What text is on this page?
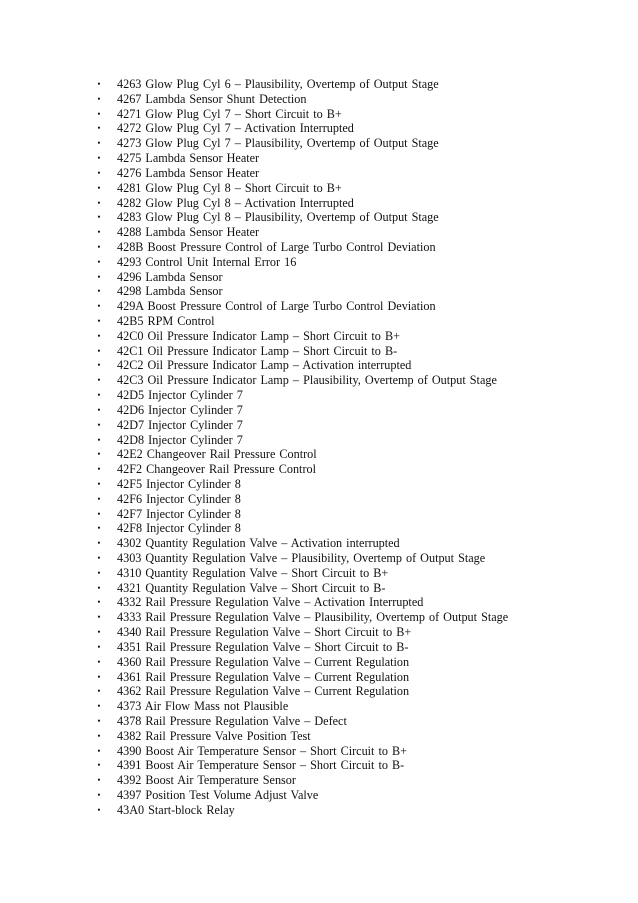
• 4263 Glow Plug Cyl 6 – Plausibility, Overtemp of Output Stage
• 4267 Lambda Sensor Shunt Detection
• 4271 Glow Plug Cyl 7 – Short Circuit to B+
• 4272 Glow Plug Cyl 7 – Activation Interrupted
• 4273 Glow Plug Cyl 7 – Plausibility, Overtemp of Output Stage
• 4275 Lambda Sensor Heater
• 4276 Lambda Sensor Heater
• 4281 Glow Plug Cyl 8 – Short Circuit to B+
• 4282 Glow Plug Cyl 8 – Activation Interrupted
• 4283 Glow Plug Cyl 8 – Plausibility, Overtemp of Output Stage
• 4288 Lambda Sensor Heater
• 428B Boost Pressure Control of Large Turbo Control Deviation
• 4293 Control Unit Internal Error 16
• 4296 Lambda Sensor
• 4298 Lambda Sensor
• 429A Boost Pressure Control of Large Turbo Control Deviation
• 42B5 RPM Control
• 42C0 Oil Pressure Indicator Lamp – Short Circuit to B+
• 42C1 Oil Pressure Indicator Lamp – Short Circuit to B-
• 42C2 Oil Pressure Indicator Lamp – Activation interrupted
• 42C3 Oil Pressure Indicator Lamp – Plausibility, Overtemp of Output Stage
• 42D5 Injector Cylinder 7
• 42D6 Injector Cylinder 7
• 42D7 Injector Cylinder 7
• 42D8 Injector Cylinder 7
• 42E2 Changeover Rail Pressure Control
• 42F2 Changeover Rail Pressure Control
• 42F5 Injector Cylinder 8
• 42F6 Injector Cylinder 8
• 42F7 Injector Cylinder 8
• 42F8 Injector Cylinder 8
• 4302 Quantity Regulation Valve – Activation interrupted
• 4303 Quantity Regulation Valve – Plausibility, Overtemp of Output Stage
• 4310 Quantity Regulation Valve – Short Circuit to B+
• 4321 Quantity Regulation Valve – Short Circuit to B-
• 4332 Rail Pressure Regulation Valve – Activation Interrupted
• 4333 Rail Pressure Regulation Valve – Plausibility, Overtemp of Output Stage
• 4340 Rail Pressure Regulation Valve – Short Circuit to B+
• 4351 Rail Pressure Regulation Valve – Short Circuit to B-
• 4360 Rail Pressure Regulation Valve – Current Regulation
• 4361 Rail Pressure Regulation Valve – Current Regulation
• 4362 Rail Pressure Regulation Valve – Current Regulation
• 4373 Air Flow Mass not Plausible
• 4378 Rail Pressure Regulation Valve – Defect
• 4382 Rail Pressure Valve Position Test
• 4390 Boost Air Temperature Sensor – Short Circuit to B+
• 4391 Boost Air Temperature Sensor – Short Circuit to B-
• 4392 Boost Air Temperature Sensor
• 4397 Position Test Volume Adjust Valve
• 43A0 Start-block Relay
